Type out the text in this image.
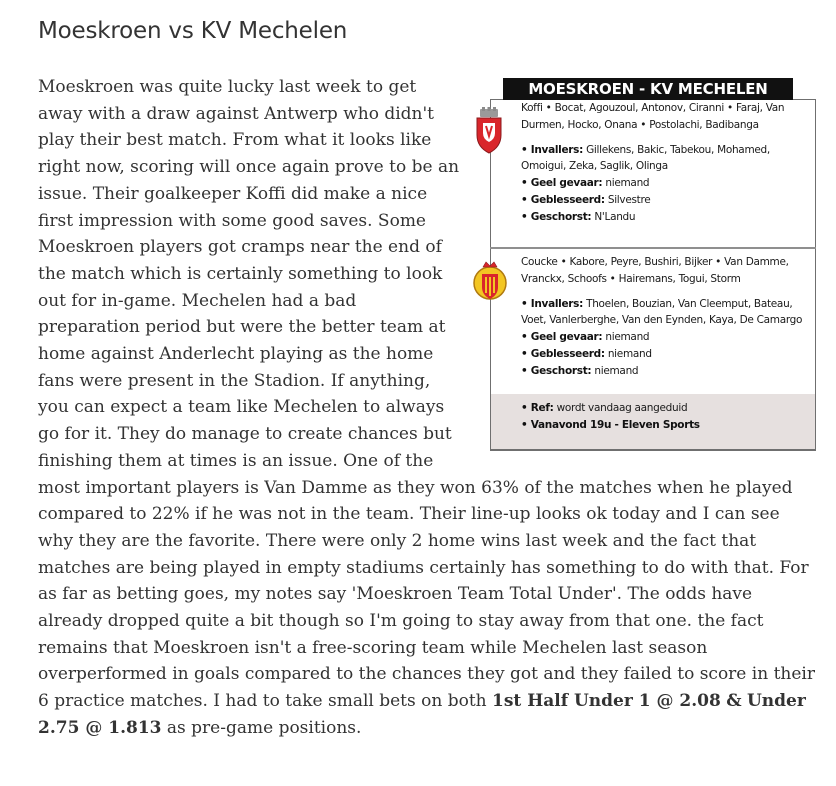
Moeskroen vs KV Mechelen
MOESKROEN - KV MECHELEN

Koffi • Bocat, Agouzoul, Antonov, Ciranni • Faraj, Van Durmen, Hocko, Onana • Postolachi, Badibanga

• Invallers: Gillekens, Bakic, Tabekou, Mohamed, Omoigui, Zeka, Saglik, Olinga

• Geel gevaar: niemand

• Geblesseerd: Silvestre

• Geschorst: N'Landu

Coucke • Kabore, Peyre, Bushiri, Bijker • Van Damme, Vranckx, Schoofs • Hairemans, Togui, Storm

• Invallers: Thoelen, Bouzian, Van Cleemput, Bateau, Voet, Vanlerberghe, Van den Eynden, Kaya, De Camargo

• Geel gevaar: niemand

• Geblesseerd: niemand

• Geschorst: niemand

• Ref: wordt vandaag aangeduid

• Vanavond 19u - Eleven Sports

Moeskroen was quite lucky last week to get away with a draw against Antwerp who didn't play their best match. From what it looks like right now, scoring will once again prove to be an issue. Their goalkeeper Koffi did make a nice first impression with some good saves. Some Moeskroen players got cramps near the end of the match which is certainly something to look out for in-game. Mechelen had a bad preparation period but were the better team at home against Anderlecht playing as the home fans were present in the Stadion. If anything, you can expect a team like Mechelen to always go for it. They do manage to create chances but finishing them at times is an issue. One of the most important players is Van Damme as they won 63% of the matches when he played compared to 22% if he was not in the team. Their line-up looks ok today and I can see why they are the favorite. There were only 2 home wins last week and the fact that matches are being played in empty stadiums certainly has something to do with that. For as far as betting goes, my notes say 'Moeskroen Team Total Under'. The odds have already dropped quite a bit though so I'm going to stay away from that one. the fact remains that Moeskroen isn't a free-scoring team while Mechelen last season overperformed in goals compared to the chances they got and they failed to score in their 6 practice matches. I had to take small bets on both 1st Half Under 1 @ 2.08 & Under 2.75 @ 1.813 as pre-game positions.
